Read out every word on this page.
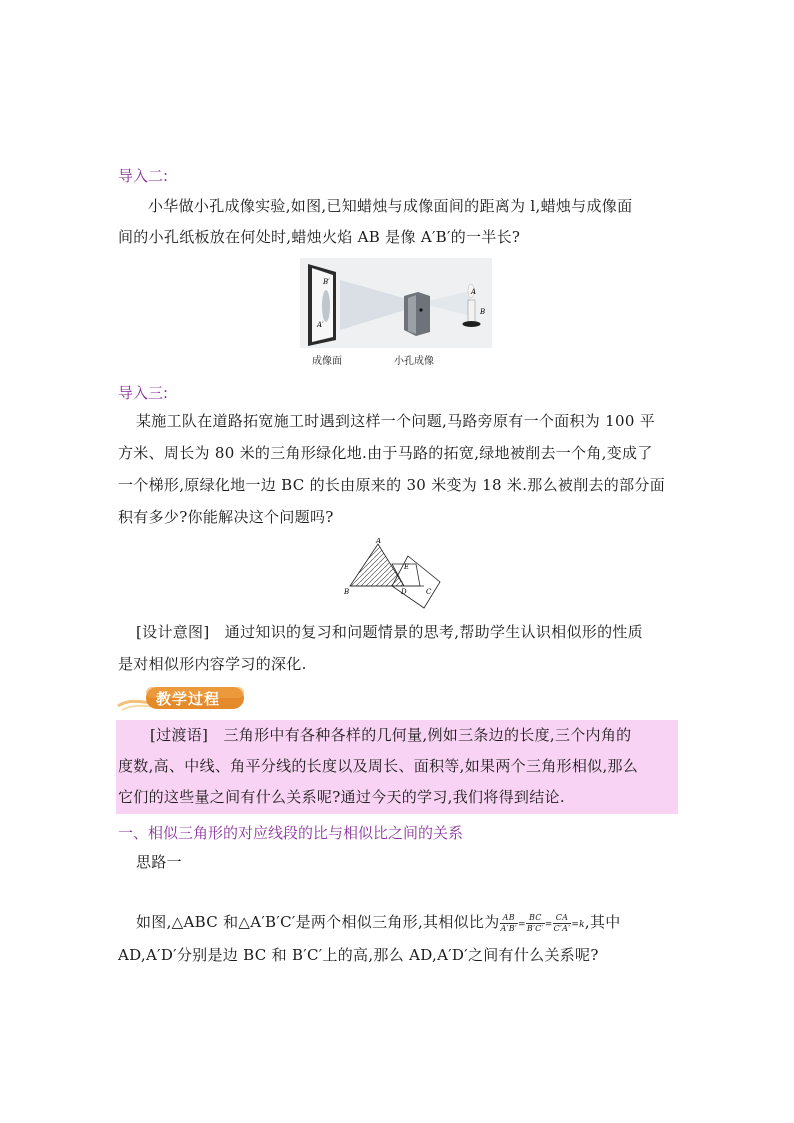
导入二:
小华做小孔成像实验,如图,已知蜡烛与成像面间的距离为 l,蜡烛与成像面
间的小孔纸板放在何处时,蜡烛火焰 AB 是像 A′B′的一半长?
B′
A′
A
B
成像面	小孔成像
导入三:
某施工队在道路拓宽施工时遇到这样一个问题,马路旁原有一个面积为 100 平
方米、周长为 80 米的三角形绿化地.由于马路的拓宽,绿地被削去一个角,变成了
一个梯形,原绿化地一边 BC 的长由原来的 30 米变为 18 米.那么被削去的部分面
积有多少?你能解决这个问题吗?
A
B
E
D	C
[设计意图]　通过知识的复习和问题情景的思考,帮助学生认识相似形的性质
是对相似形内容学习的深化.
教学过程
[过渡语]　三角形中有各种各样的几何量,例如三条边的长度,三个内角的
度数,高、中线、角平分线的长度以及周长、面积等,如果两个三角形相似,那么
它们的这些量之间有什么关系呢?通过今天的学习,我们将得到结论.
一、相似三角形的对应线段的比与相似比之间的关系
思路一
如图,△ABC 和△A′B′C′是两个相似三角形,其相似比为 $\frac{AB}{A'B'} = \frac{BC}{B'C'} = \frac{CA}{C'A'} =k$,其中
AD,A′D′分别是边 BC 和 B′C′上的高,那么 AD,A′D′之间有什么关系呢?
